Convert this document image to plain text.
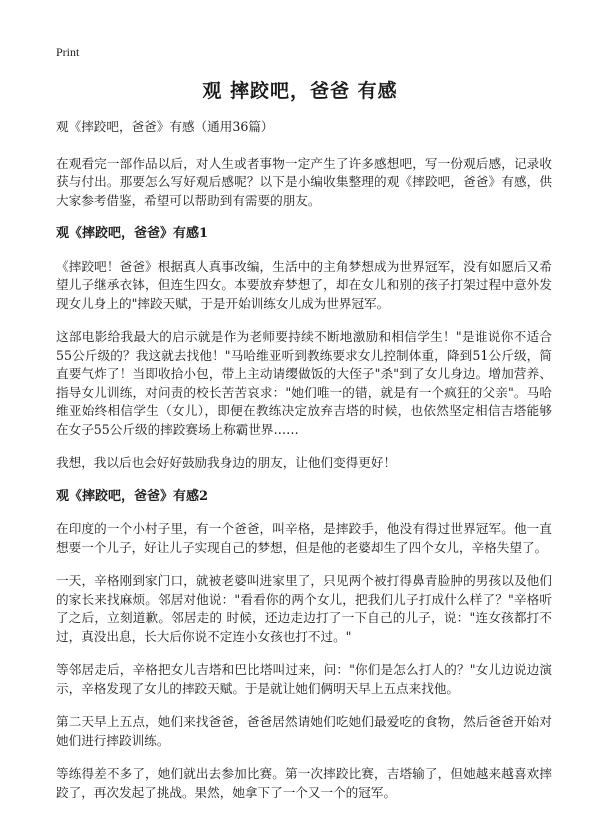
Print
观 摔跤吧，爸爸 有感

观《摔跤吧，爸爸》有感（通用36篇）

在观看完一部作品以后，对人生或者事物一定产生了许多感想吧，写一份观后感，记录收获与付出。那要怎么写好观后感呢？以下是小编收集整理的观《摔跤吧，爸爸》有感，供大家参考借鉴，希望可以帮助到有需要的朋友。

观《摔跤吧，爸爸》有感1

《摔跤吧！爸爸》根据真人真事改编，生活中的主角梦想成为世界冠军，没有如愿后又希望儿子继承衣钵，但连生四女。本要放弃梦想了，却在女儿和别的孩子打架过程中意外发现女儿身上的"摔跤天赋，于是开始训练女儿成为世界冠军。

这部电影给我最大的启示就是作为老师要持续不断地激励和相信学生！"是谁说你不适合55公斤级的？我这就去找他！"马哈维亚听到教练要求女儿控制体重，降到51公斤级，简直要气炸了！当即收拾小包，带上主动请缨做饭的大侄子"杀"到了女儿身边。增加营养、指导女儿训练，对问责的校长苦苦哀求："她们唯一的错，就是有一个疯狂的父亲"。马哈维亚始终相信学生（女儿），即便在教练决定放弃吉塔的时候，也依然坚定相信吉塔能够在女子55公斤级的摔跤赛场上称霸世界……

我想，我以后也会好好鼓励我身边的朋友，让他们变得更好！

观《摔跤吧，爸爸》有感2

在印度的一个小村子里，有一个爸爸，叫辛格，是摔跤手，他没有得过世界冠军。他一直想要一个儿子，好让儿子实现自己的梦想，但是他的老婆却生了四个女儿，辛格失望了。

一天，辛格刚到家门口，就被老婆叫进家里了，只见两个被打得鼻青脸肿的男孩以及他们的家长来找麻烦。邻居对他说："看看你的两个女儿，把我们儿子打成什么样了？"辛格听了之后，立刻道歉。邻居走的 时候，还边走边打了一下自己的儿子，说："连女孩都打不过，真没出息，长大后你说不定连小女孩也打不过。"

等邻居走后，辛格把女儿吉塔和巴比塔叫过来，问："你们是怎么打人的？"女儿边说边演示，辛格发现了女儿的摔跤天赋。于是就让她们俩明天早上五点来找他。

第二天早上五点，她们来找爸爸，爸爸居然请她们吃她们最爱吃的食物，然后爸爸开始对她们进行摔跤训练。

等练得差不多了，她们就出去参加比赛。第一次摔跤比赛，吉塔输了，但她越来越喜欢摔跤了，再次发起了挑战。果然，她拿下了一个又一个的冠军。
